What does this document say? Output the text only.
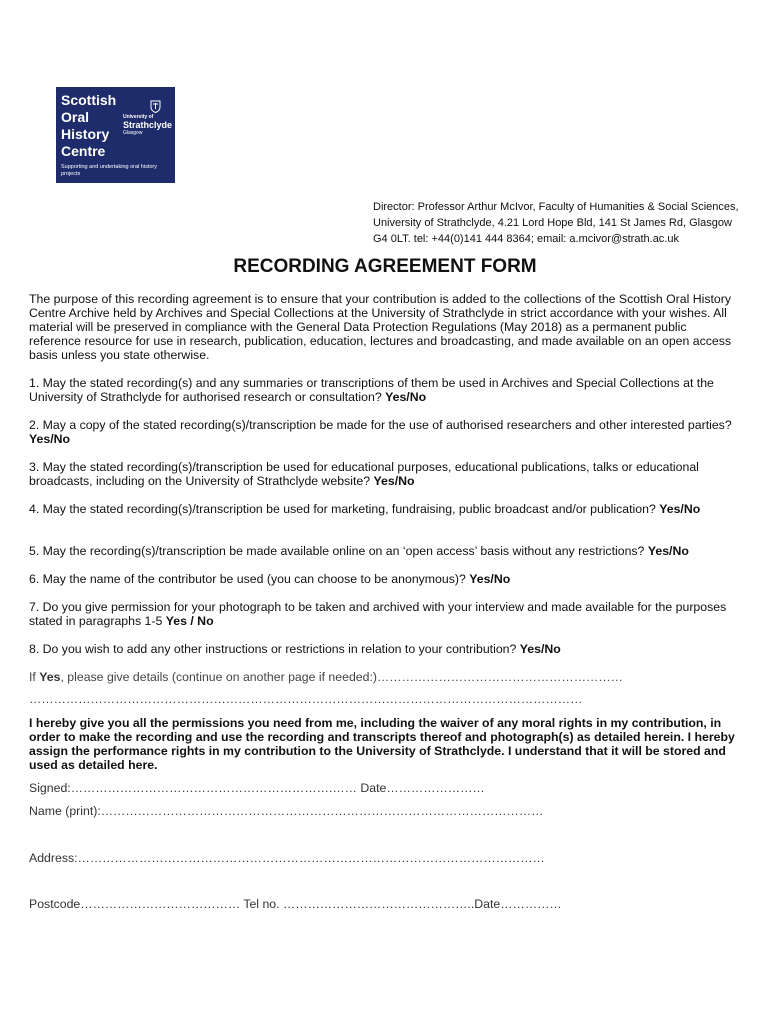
Scottish
Oral
History
Centre
University of
Strathclyde
Glasgow
Supporting and undertaking oral history projects
Director: Professor Arthur McIvor, Faculty of Humanities & Social Sciences,
University of Strathclyde, 4.21 Lord Hope Bld, 141 St James Rd, Glasgow
G4 0LT. tel: +44(0)141 444 8364; email: a.mcivor@strath.ac.uk
RECORDING AGREEMENT FORM
The purpose of this recording agreement is to ensure that your contribution is added to the collections of the Scottish Oral History Centre Archive held by Archives and Special Collections at the University of Strathclyde in strict accordance with your wishes. All material will be preserved in compliance with the General Data Protection Regulations (May 2018) as a permanent public reference resource for use in research, publication, education, lectures and broadcasting, and made available on an open access basis unless you state otherwise.
1. May the stated recording(s) and any summaries or transcriptions of them be used in Archives and Special Collections at the University of Strathclyde for authorised research or consultation? Yes/No
2. May a copy of the stated recording(s)/transcription be made for the use of authorised researchers and other interested parties? Yes/No
3. May the stated recording(s)/transcription be used for educational purposes, educational publications, talks or educational broadcasts, including on the University of Strathclyde website? Yes/No
4. May the stated recording(s)/transcription be used for marketing, fundraising, public broadcast and/or publication? Yes/No
5. May the recording(s)/transcription be made available online on an ‘open access’ basis without any restrictions? Yes/No
6. May the name of the contributor be used (you can choose to be anonymous)? Yes/No
7. Do you give permission for your photograph to be taken and archived with your interview and made available for the purposes stated in paragraphs 1-5 Yes / No
8. Do you wish to add any other instructions or restrictions in relation to your contribution? Yes/No
If Yes, please give details (continue on another page if needed:)……………………………………………………
………………………………………………………………………………………………………………………
I hereby give you all the permissions you need from me, including the waiver of any moral rights in my contribution, in order to make the recording and use the recording and transcripts thereof and photograph(s) as detailed herein. I hereby assign the performance rights in my contribution to the University of Strathclyde. I understand that it will be stored and used as detailed here.
Signed:……………………………………………………….…… Date……………………
Name (print):………………………………………………………………………………………………
Address:……………………………………………………………………………………………………
Postcode………………………………… Tel no. ………………………………………..Date……………
